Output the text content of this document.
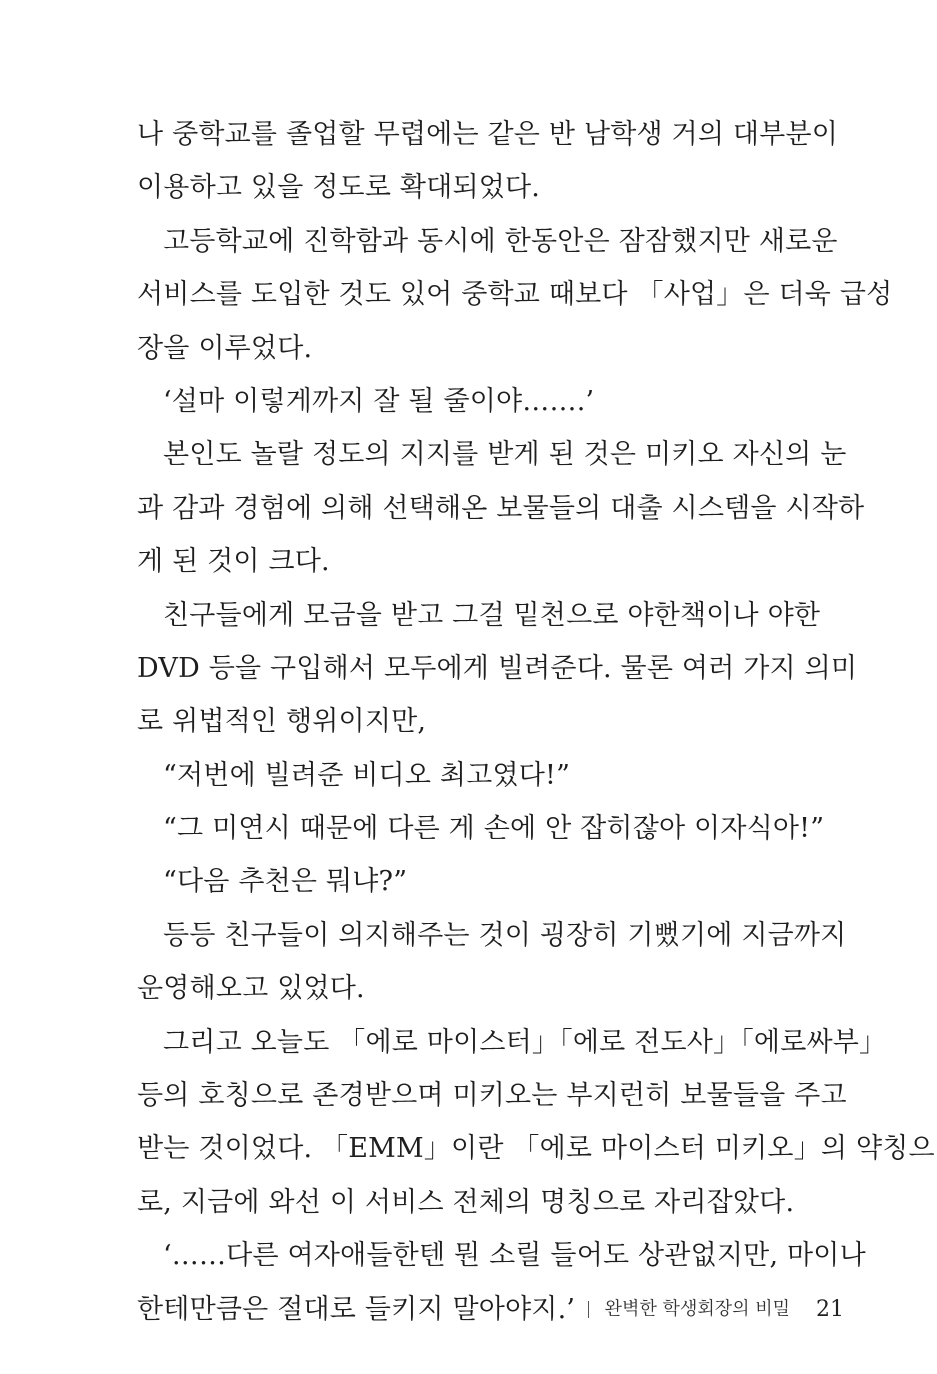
나 중학교를 졸업할 무렵에는 같은 반 남학생 거의 대부분이
이용하고 있을 정도로 확대되었다.
고등학교에 진학함과 동시에 한동안은 잠잠했지만 새로운
서비스를 도입한 것도 있어 중학교 때보다 「사업」은 더욱 급성
장을 이루었다.
‘설마 이렇게까지 잘 될 줄이야…….’
본인도 놀랄 정도의 지지를 받게 된 것은 미키오 자신의 눈
과 감과 경험에 의해 선택해온 보물들의 대출 시스템을 시작하
게 된 것이 크다.
친구들에게 모금을 받고 그걸 밑천으로 야한책이나 야한
DVD 등을 구입해서 모두에게 빌려준다. 물론 여러 가지 의미
로 위법적인 행위이지만,
“저번에 빌려준 비디오 최고였다!”
“그 미연시 때문에 다른 게 손에 안 잡히잖아 이자식아!”
“다음 추천은 뭐냐?”
등등 친구들이 의지해주는 것이 굉장히 기뻤기에 지금까지
운영해오고 있었다.
그리고 오늘도 「에로 마이스터」「에로 전도사」「에로싸부」
등의 호칭으로 존경받으며 미키오는 부지런히 보물들을 주고
받는 것이었다. 「EMM」이란 「에로 마이스터 미키오」의 약칭으
로, 지금에 와선 이 서비스 전체의 명칭으로 자리잡았다.
‘……다른 여자애들한텐 뭔 소릴 들어도 상관없지만, 마이나
한테만큼은 절대로 들키지 말아야지.’	완벽한 학생회장의 비밀 21
